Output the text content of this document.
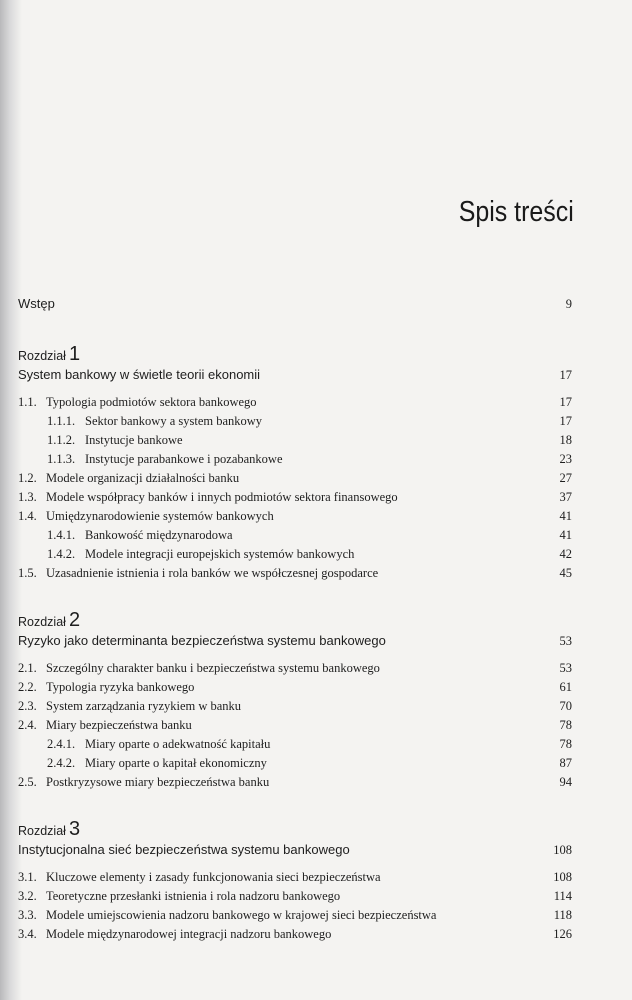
Spis treści
Wstęp	9
Rozdział 1
System bankowy w świetle teorii ekonomii	17
1.1. Typologia podmiotów sektora bankowego	17
1.1.1. Sektor bankowy a system bankowy	17
1.1.2. Instytucje bankowe	18
1.1.3. Instytucje parabankowe i pozabankowe	23
1.2. Modele organizacji działalności banku	27
1.3. Modele współpracy banków i innych podmiotów sektora finansowego	37
1.4. Umiędzynarodowienie systemów bankowych	41
1.4.1. Bankowość międzynarodowa	41
1.4.2. Modele integracji europejskich systemów bankowych	42
1.5. Uzasadnienie istnienia i rola banków we współczesnej gospodarce	45
Rozdział 2
Ryzyko jako determinanta bezpieczeństwa systemu bankowego	53
2.1. Szczególny charakter banku i bezpieczeństwa systemu bankowego	53
2.2. Typologia ryzyka bankowego	61
2.3. System zarządzania ryzykiem w banku	70
2.4. Miary bezpieczeństwa banku	78
2.4.1. Miary oparte o adekwatność kapitału	78
2.4.2. Miary oparte o kapitał ekonomiczny	87
2.5. Postkryzysowe miary bezpieczeństwa banku	94
Rozdział 3
Instytucjonalna sieć bezpieczeństwa systemu bankowego	108
3.1. Kluczowe elementy i zasady funkcjonowania sieci bezpieczeństwa	108
3.2. Teoretyczne przesłanki istnienia i rola nadzoru bankowego	114
3.3. Modele umiejscowienia nadzoru bankowego w krajowej sieci bezpieczeństwa	118
3.4. Modele międzynarodowej integracji nadzoru bankowego	126
